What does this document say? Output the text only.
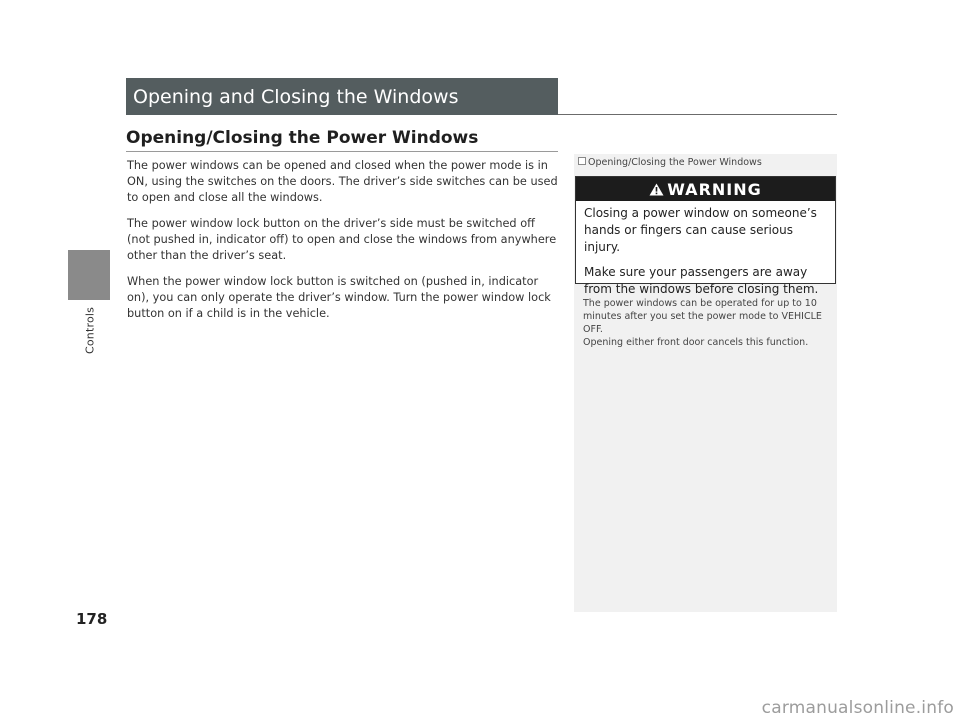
Controls
178
Opening and Closing the Windows
Opening/Closing the Power Windows

The power windows can be opened and closed when the power mode is in ON, using the switches on the doors. The driver’s side switches can be used to open and close all the windows.

The power window lock button on the driver’s side must be switched off (not pushed in, indicator off) to open and close the windows from anywhere other than the driver’s seat.

When the power window lock button is switched on (pushed in, indicator on), you can only operate the driver’s window. Turn the power window lock button on if a child is in the vehicle.

Opening/Closing the Power Windows
WARNING

Closing a power window on someone’s hands or fingers can cause serious injury.

Make sure your passengers are away from the windows before closing them.

The power windows can be operated for up to 10 minutes after you set the power mode to VEHICLE OFF.

Opening either front door cancels this function.

carmanualsonline.info
